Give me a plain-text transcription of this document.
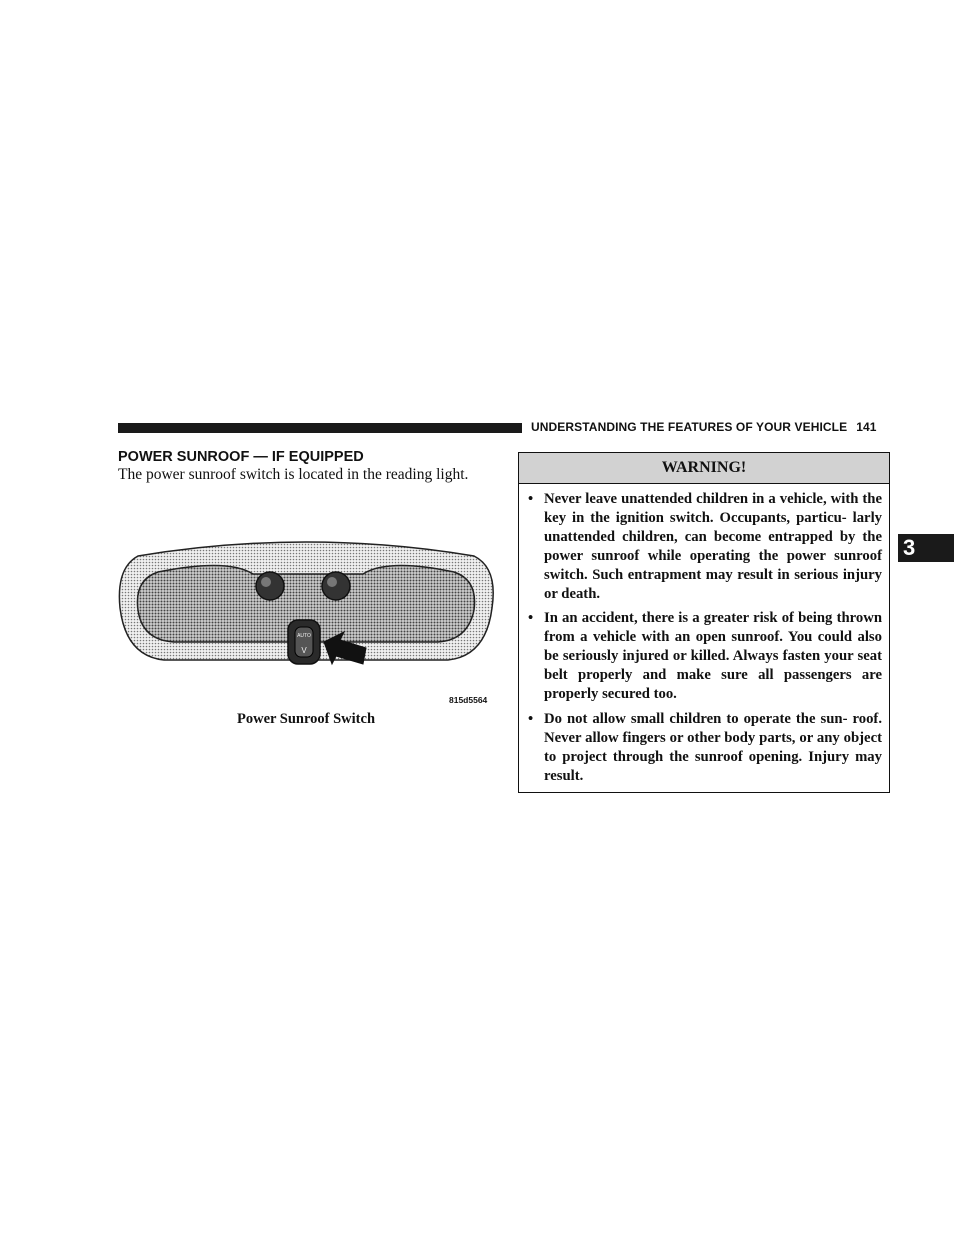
UNDERSTANDING THE FEATURES OF YOUR VEHICLE 141
POWER SUNROOF — IF EQUIPPED
The power sunroof switch is located in the reading light.
AUTO
V
815d5564
Power Sunroof Switch
WARNING!
• Never leave unattended children in a vehicle, with the key in the ignition switch. Occupants, particu- larly unattended children, can become entrapped by the power sunroof while operating the power sunroof switch. Such entrapment may result in serious injury or death.
• In an accident, there is a greater risk of being thrown from a vehicle with an open sunroof. You could also be seriously injured or killed. Always fasten your seat belt properly and make sure all passengers are properly secured too.
• Do not allow small children to operate the sun- roof. Never allow fingers or other body parts, or any object to project through the sunroof opening. Injury may result.
3
